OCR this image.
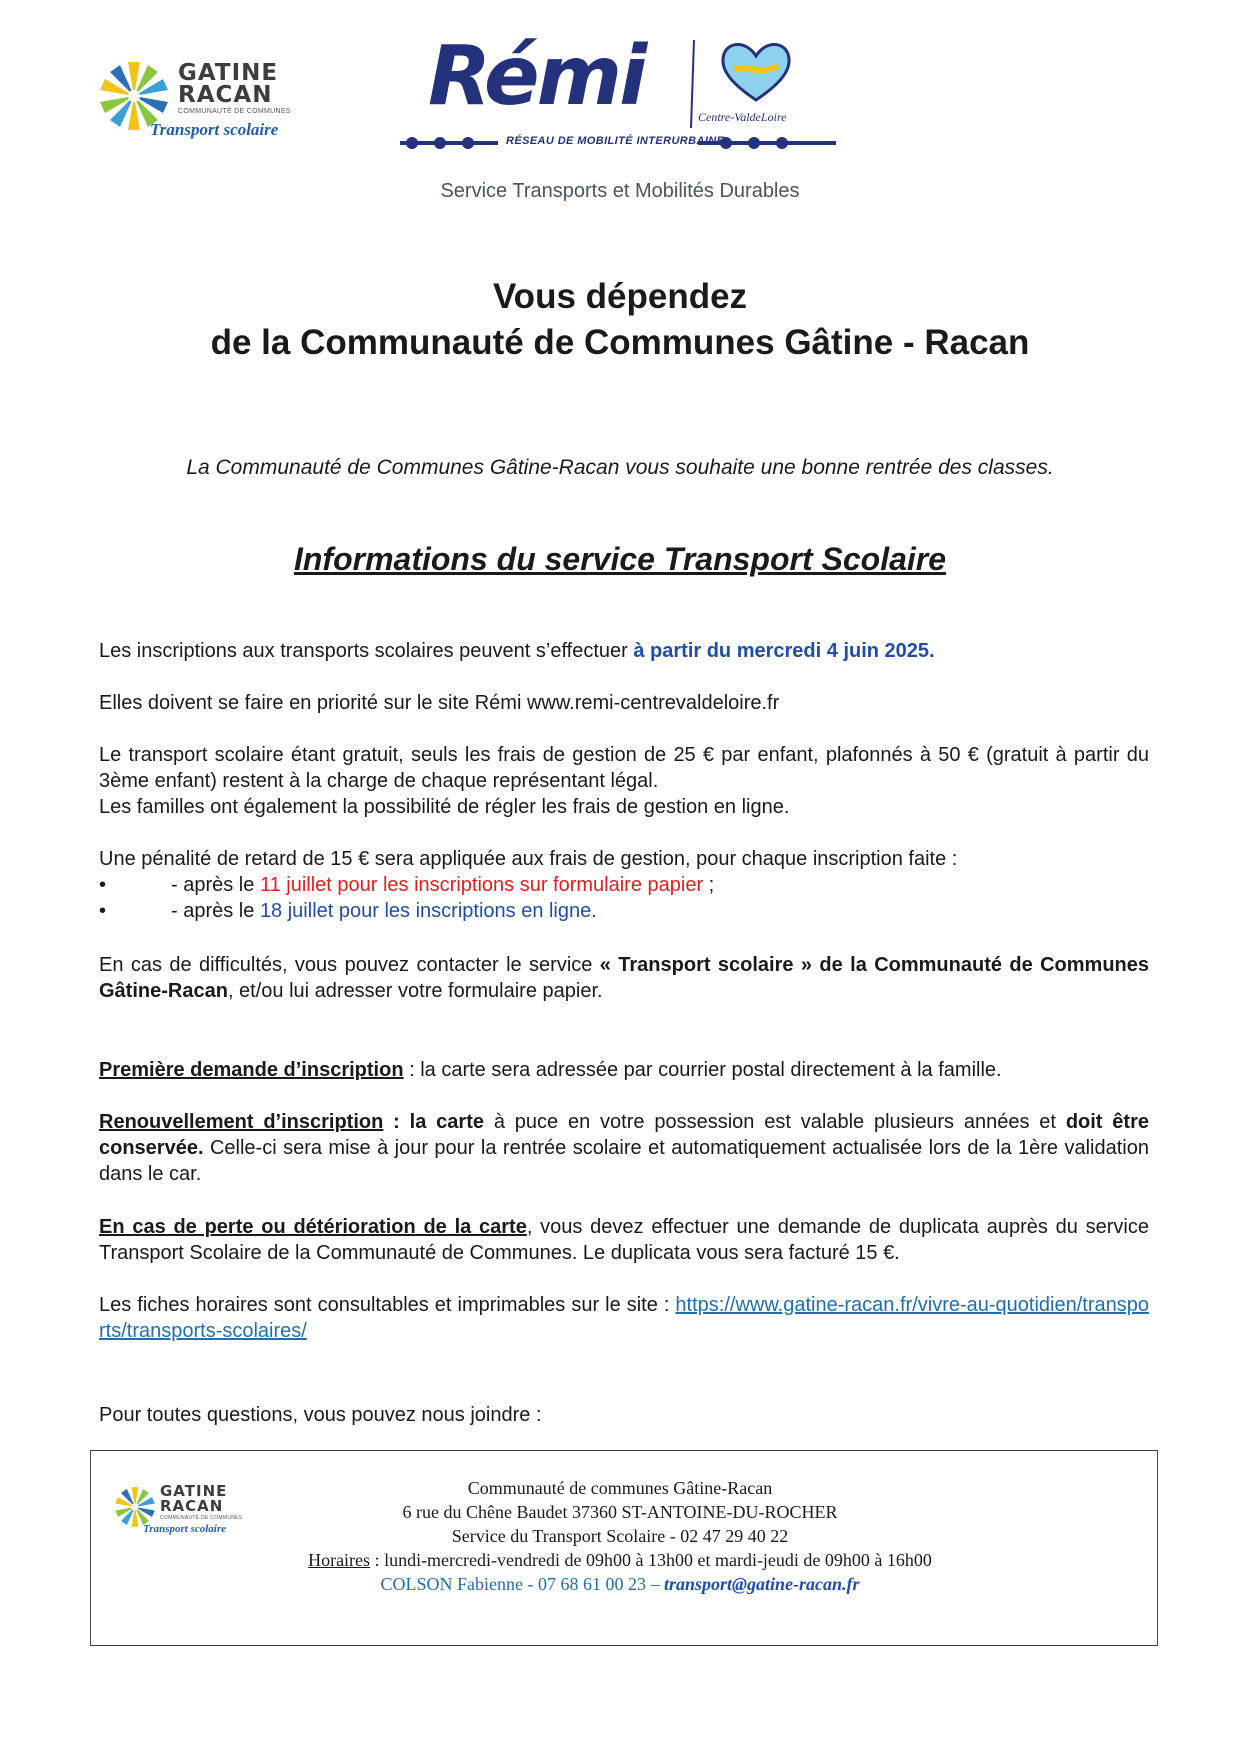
GATINE
RACAN
COMMUNAUTÉ DE COMMUNES
Transport scolaire
Rémi	Centre-ValdeLoire
RÉSEAU DE MOBILITÉ INTERURBAINE
Service Transports et Mobilités Durables
Vous dépendez
de la Communauté de Communes Gâtine - Racan
La Communauté de Communes Gâtine-Racan vous souhaite une bonne rentrée des classes.
Informations du service Transport Scolaire
Les inscriptions aux transports scolaires peuvent s’effectuer à partir du mercredi 4 juin 2025.
Elles doivent se faire en priorité sur le site Rémi www.remi-centrevaldeloire.fr
Le transport scolaire étant gratuit, seuls les frais de gestion de 25 € par enfant, plafonnés à 50 € (gratuit à partir du 3ème enfant) restent à la charge de chaque représentant légal.
Les familles ont également la possibilité de régler les frais de gestion en ligne.
Une pénalité de retard de 15 € sera appliquée aux frais de gestion, pour chaque inscription faite :
•	- après le 11 juillet pour les inscriptions sur formulaire papier ;
•	- après le 18 juillet pour les inscriptions en ligne.
En cas de difficultés, vous pouvez contacter le service « Transport scolaire » de la Communauté de Communes Gâtine-Racan, et/ou lui adresser votre formulaire papier.
Première demande d’inscription : la carte sera adressée par courrier postal directement à la famille.
Renouvellement d’inscription : la carte à puce en votre possession est valable plusieurs années et doit être conservée. Celle-ci sera mise à jour pour la rentrée scolaire et automatiquement actualisée lors de la 1ère validation dans le car.
En cas de perte ou détérioration de la carte, vous devez effectuer une demande de duplicata auprès du service Transport Scolaire de la Communauté de Communes. Le duplicata vous sera facturé 15 €.
Les fiches horaires sont consultables et imprimables sur le site : https://www.gatine-racan.fr/vivre-au-quotidien/transports/transports-scolaires/
Pour toutes questions, vous pouvez nous joindre :
GATINE
RACAN
COMMUNAUTÉ DE COMMUNES
Transport scolaire
Communauté de communes Gâtine-Racan
6 rue du Chêne Baudet 37360 ST-ANTOINE-DU-ROCHER
Service du Transport Scolaire - 02 47 29 40 22
Horaires : lundi-mercredi-vendredi de 09h00 à 13h00 et mardi-jeudi de 09h00 à 16h00
COLSON Fabienne - 07 68 61 00 23 – transport@gatine-racan.fr
